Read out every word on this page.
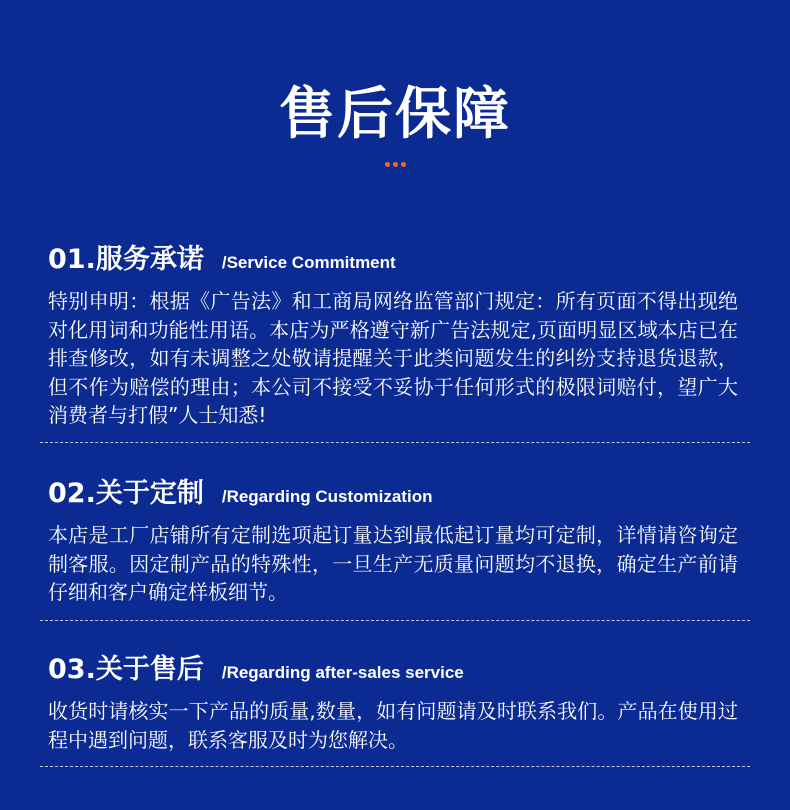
售后保障
01.服务承诺 /Service Commitment
特别申明：根据《广告法》和工商局网络监管部门规定：所有页面不得出现绝对化用词和功能性用语。本店为严格遵守新广告法规定,页面明显区域本店已在排查修改，如有未调整之处敬请提醒关于此类问题发生的纠纷支持退货退款，但不作为赔偿的理由；本公司不接受不妥协于任何形式的极限词赔付，望广大消费者与打假”人士知悉!
02.关于定制 /Regarding Customization
本店是工厂店铺所有定制选项起订量达到最低起订量均可定制，详情请咨询定制客服。因定制产品的特殊性，一旦生产无质量问题均不退换，确定生产前请仔细和客户确定样板细节。
03.关于售后 /Regarding after-sales service
收货时请核实一下产品的质量,数量，如有问题请及时联系我们。产品在使用过程中遇到问题，联系客服及时为您解决。
